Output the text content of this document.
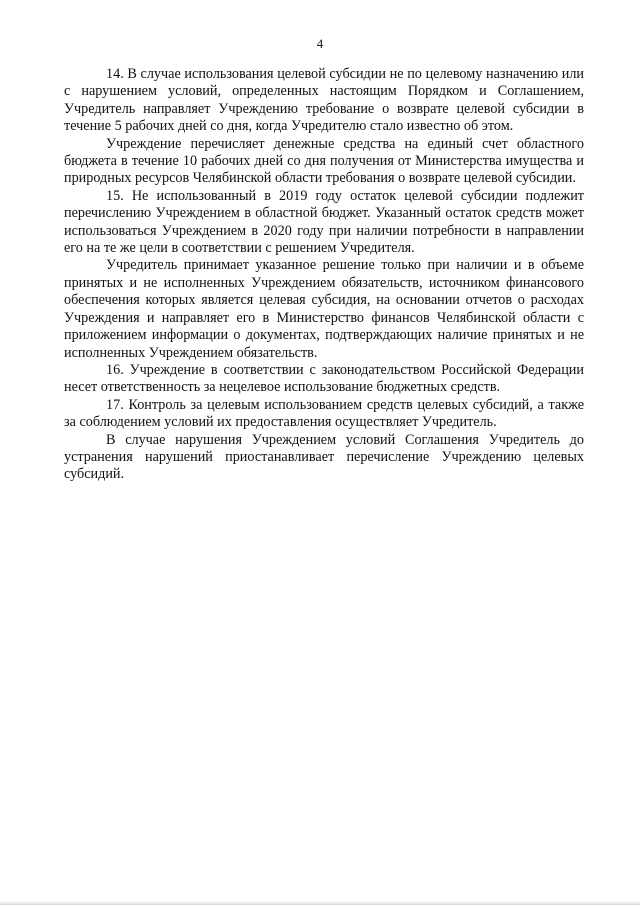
4

14. В случае использования целевой субсидии не по целевому назначению или с нарушением условий, определенных настоящим Порядком и Соглашением, Учредитель направляет Учреждению требование о возврате целевой субсидии в течение 5 рабочих дней со дня, когда Учредителю стало известно об этом.

Учреждение перечисляет денежные средства на единый счет областного бюджета в течение 10 рабочих дней со дня получения от Министерства имущества и природных ресурсов Челябинской области требования о возврате целевой субсидии.

15. Не использованный в 2019 году остаток целевой субсидии подлежит перечислению Учреждением в областной бюджет. Указанный остаток средств может использоваться Учреждением в 2020 году при наличии потребности в направлении его на те же цели в соответствии с решением Учредителя.

Учредитель принимает указанное решение только при наличии и в объеме принятых и не исполненных Учреждением обязательств, источником финансового обеспечения которых является целевая субсидия, на основании отчетов о расходах Учреждения и направляет его в Министерство финансов Челябинской области с приложением информации о документах, подтверждающих наличие принятых и не исполненных Учреждением обязательств.

16. Учреждение в соответствии с законодательством Российской Федерации несет ответственность за нецелевое использование бюджетных средств.

17. Контроль за целевым использованием средств целевых субсидий, а также за соблюдением условий их предоставления осуществляет Учредитель.

В случае нарушения Учреждением условий Соглашения Учредитель до устранения нарушений приостанавливает перечисление Учреждению целевых субсидий.
